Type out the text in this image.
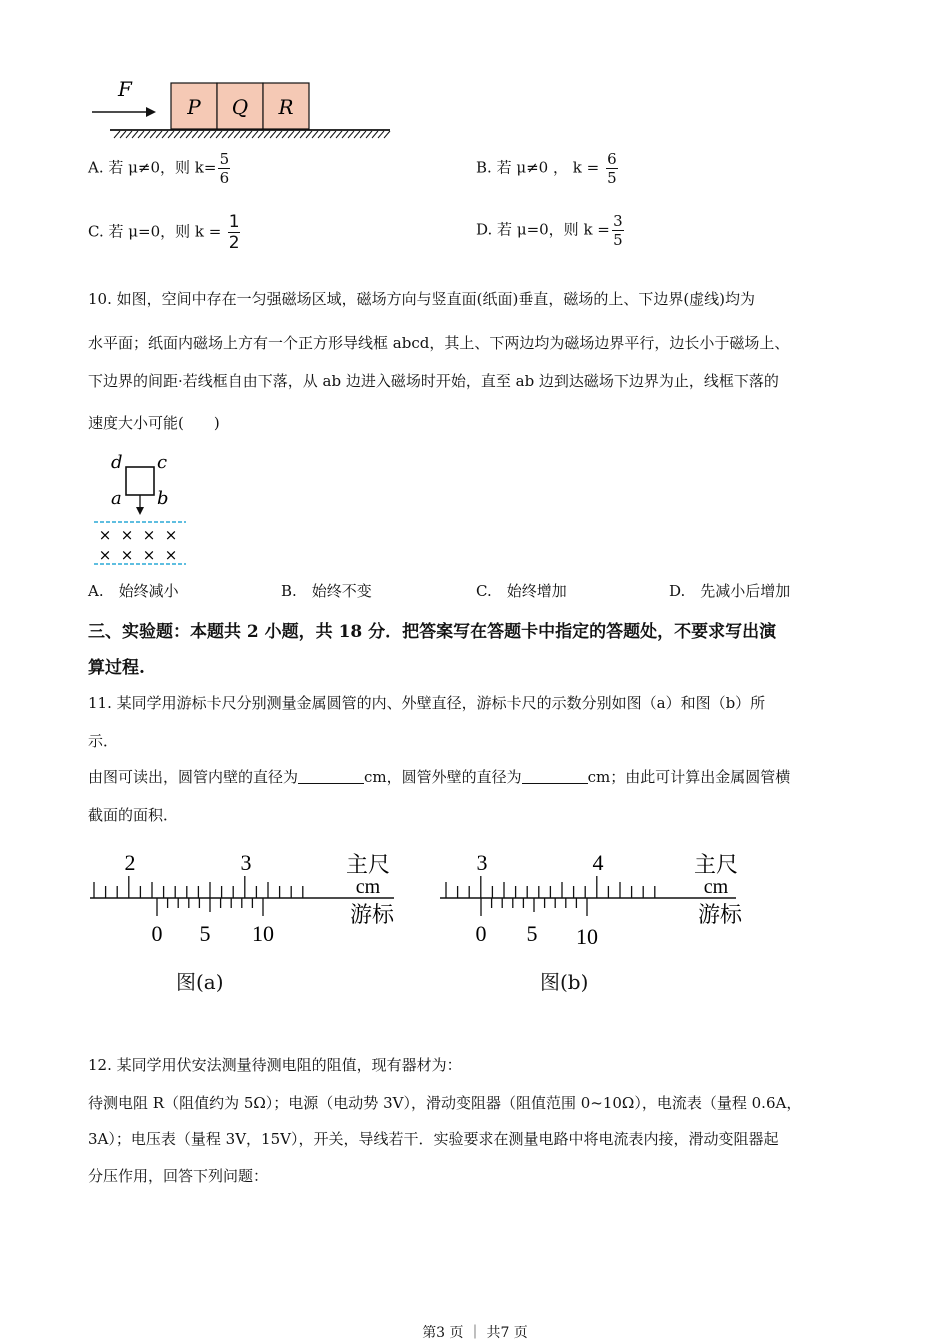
F
P Q R
A. 若 μ≠0，则 $k= \frac{5}{6}$	B. 若 μ≠0 ， $k = \frac{6}{5}$
C. 若 μ=0，则 $k = \frac{1}{2}$	D. 若 μ=0，则 $k = \frac{3}{5}$
10. 如图，空间中存在一匀强磁场区域，磁场方向与竖直面(纸面)垂直，磁场的上、下边界(虚线)均为
水平面；纸面内磁场上方有一个正方形导线框 abcd，其上、下两边均为磁场边界平行，边长小于磁场上、
下边界的间距·若线框自由下落，从 ab 边进入磁场时开始，直至 ab 边到达磁场下边界为止，线框下落的
速度大小可能(　　)
d c
a b
× × × ×
× × × ×
A.　始终减小	B.　始终不变	C.　始终增加	D.　先减小后增加
三、实验题：本题共 2 小题，共 18 分．把答案写在答题卡中指定的答题处，不要求写出演
算过程.
11. 某同学用游标卡尺分别测量金属圆管的内、外壁直径，游标卡尺的示数分别如图（a）和图（b）所
示．
由图可读出，圆管内壁的直径为	cm，圆管外壁的直径为	cm；由此可计算出金属圆管横
截面的面积．
2	3
0 5 10
主尺
cm
游标
图(a)
3	4
0 5 10
主尺
cm
游标
图(b)
12. 某同学用伏安法测量待测电阻的阻值，现有器材为：
待测电阻 R（阻值约为 5Ω）；电源（电动势 3V），滑动变阻器（阻值范围 0~10Ω），电流表（量程 0.6A，
3A）；电压表（量程 3V，15V），开关，导线若干．实验要求在测量电路中将电流表内接，滑动变阻器起
分压作用，回答下列问题：
第3 页 ｜ 共7 页
